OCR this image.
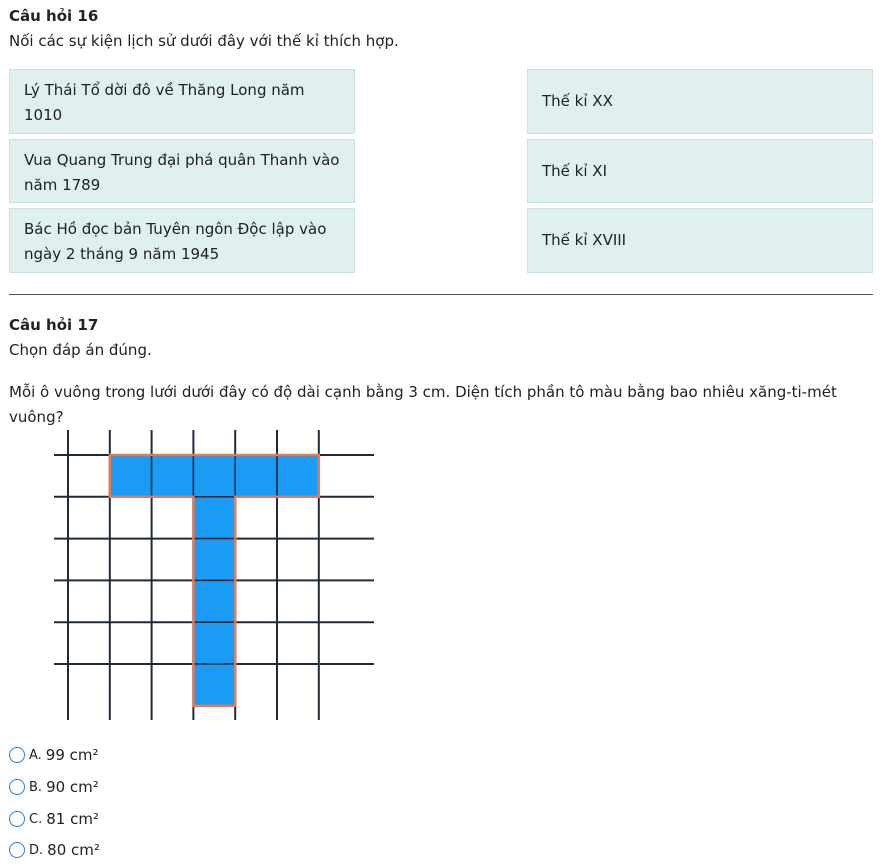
Câu hỏi 16
Nối các sự kiện lịch sử dưới đây với thế kỉ thích hợp.
Lý Thái Tổ dời đô về Thăng Long năm 1010
Vua Quang Trung đại phá quân Thanh vào năm 1789
Bác Hồ đọc bản Tuyên ngôn Độc lập vào ngày 2 tháng 9 năm 1945
Thế kỉ XX
Thế kỉ XI
Thế kỉ XVIII
Câu hỏi 17
Chọn đáp án đúng.
Mỗi ô vuông trong lưới dưới đây có độ dài cạnh bằng 3 cm. Diện tích phần tô màu bằng bao nhiêu xăng-ti-mét vuông?
A. 99 cm²
B. 90 cm²
C. 81 cm²
D. 80 cm²
